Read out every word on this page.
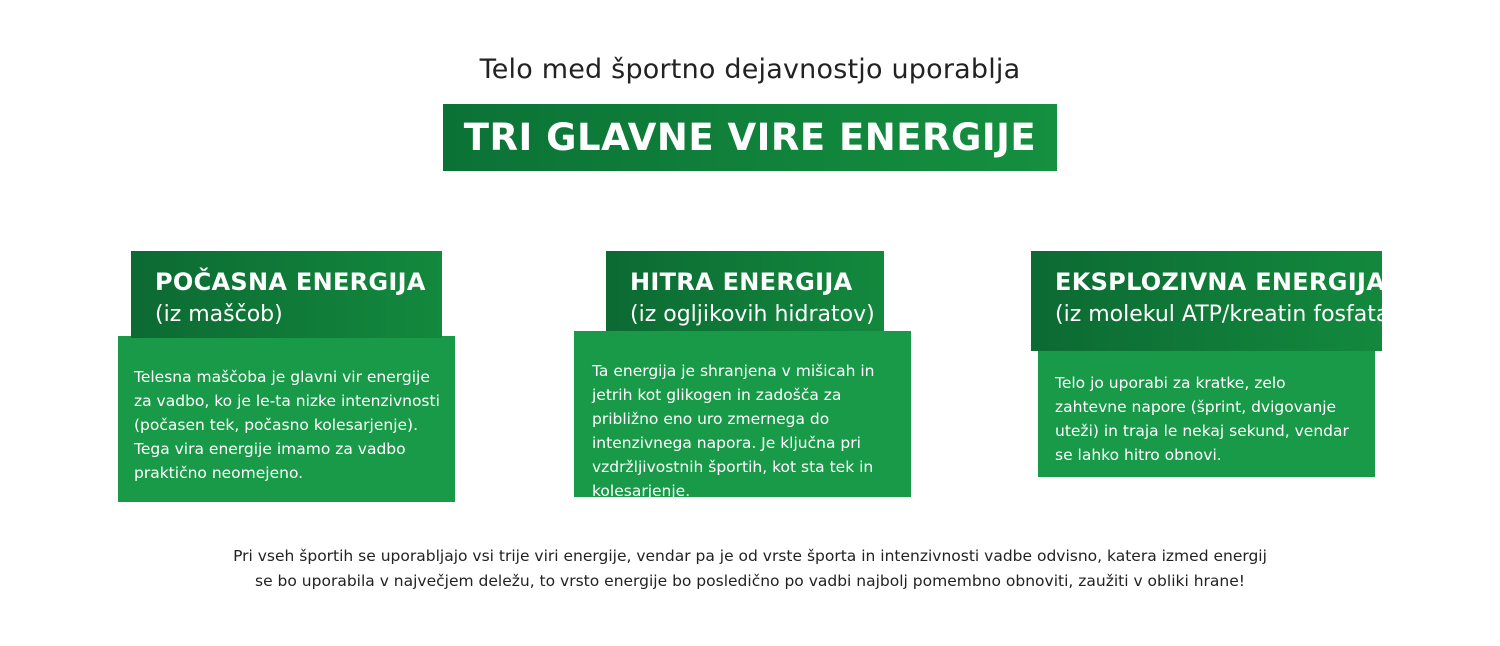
Telo med športno dejavnostjo uporablja
TRI GLAVNE VIRE ENERGIJE
POČASNA ENERGIJA
(iz maščob)
Telesna maščoba je glavni vir energije za vadbo, ko je le-ta nizke intenzivnosti (počasen tek, počasno kolesarjenje). Tega vira energije imamo za vadbo praktično neomejeno.
HITRA ENERGIJA
(iz ogljikovih hidratov)
Ta energija je shranjena v mišicah in jetrih kot glikogen in zadošča za približno eno uro zmernega do intenzivnega napora. Je ključna pri vzdržljivostnih športih, kot sta tek in kolesarjenje.
EKSPLOZIVNA ENERGIJA
(iz molekul ATP/kreatin fosfata)
Telo jo uporabi za kratke, zelo zahtevne napore (šprint, dvigovanje uteži) in traja le nekaj sekund, vendar se lahko hitro obnovi.
Pri vseh športih se uporabljajo vsi trije viri energije, vendar pa je od vrste športa in intenzivnosti vadbe odvisno, katera izmed energij
se bo uporabila v največjem deležu, to vrsto energije bo posledično po vadbi najbolj pomembno obnoviti, zaužiti v obliki hrane!
